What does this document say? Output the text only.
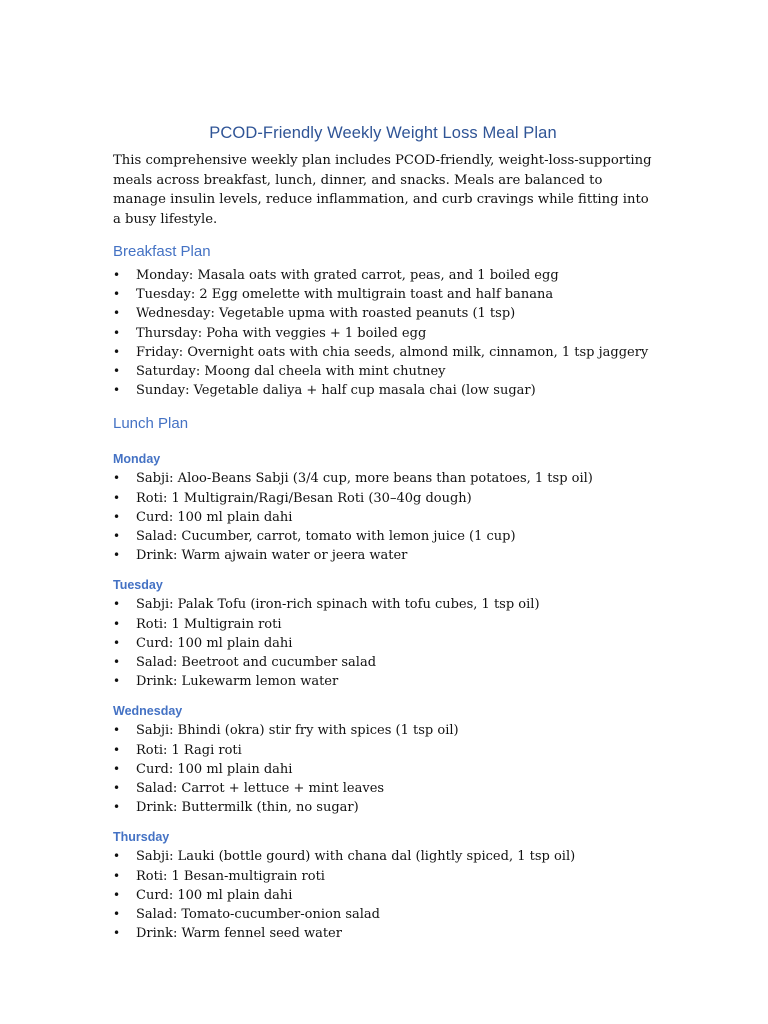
PCOD-Friendly Weekly Weight Loss Meal Plan

This comprehensive weekly plan includes PCOD-friendly, weight-loss-supporting meals across breakfast, lunch, dinner, and snacks. Meals are balanced to manage insulin levels, reduce inflammation, and curb cravings while fitting into a busy lifestyle.

Breakfast Plan
• Monday: Masala oats with grated carrot, peas, and 1 boiled egg
• Tuesday: 2 Egg omelette with multigrain toast and half banana
• Wednesday: Vegetable upma with roasted peanuts (1 tsp)
• Thursday: Poha with veggies + 1 boiled egg
• Friday: Overnight oats with chia seeds, almond milk, cinnamon, 1 tsp jaggery
• Saturday: Moong dal cheela with mint chutney
• Sunday: Vegetable daliya + half cup masala chai (low sugar)
Lunch Plan
Monday
• Sabji: Aloo-Beans Sabji (3/4 cup, more beans than potatoes, 1 tsp oil)
• Roti: 1 Multigrain/Ragi/Besan Roti (30–40g dough)
• Curd: 100 ml plain dahi
• Salad: Cucumber, carrot, tomato with lemon juice (1 cup)
• Drink: Warm ajwain water or jeera water
Tuesday
• Sabji: Palak Tofu (iron-rich spinach with tofu cubes, 1 tsp oil)
• Roti: 1 Multigrain roti
• Curd: 100 ml plain dahi
• Salad: Beetroot and cucumber salad
• Drink: Lukewarm lemon water
Wednesday
• Sabji: Bhindi (okra) stir fry with spices (1 tsp oil)
• Roti: 1 Ragi roti
• Curd: 100 ml plain dahi
• Salad: Carrot + lettuce + mint leaves
• Drink: Buttermilk (thin, no sugar)
Thursday
• Sabji: Lauki (bottle gourd) with chana dal (lightly spiced, 1 tsp oil)
• Roti: 1 Besan-multigrain roti
• Curd: 100 ml plain dahi
• Salad: Tomato-cucumber-onion salad
• Drink: Warm fennel seed water
